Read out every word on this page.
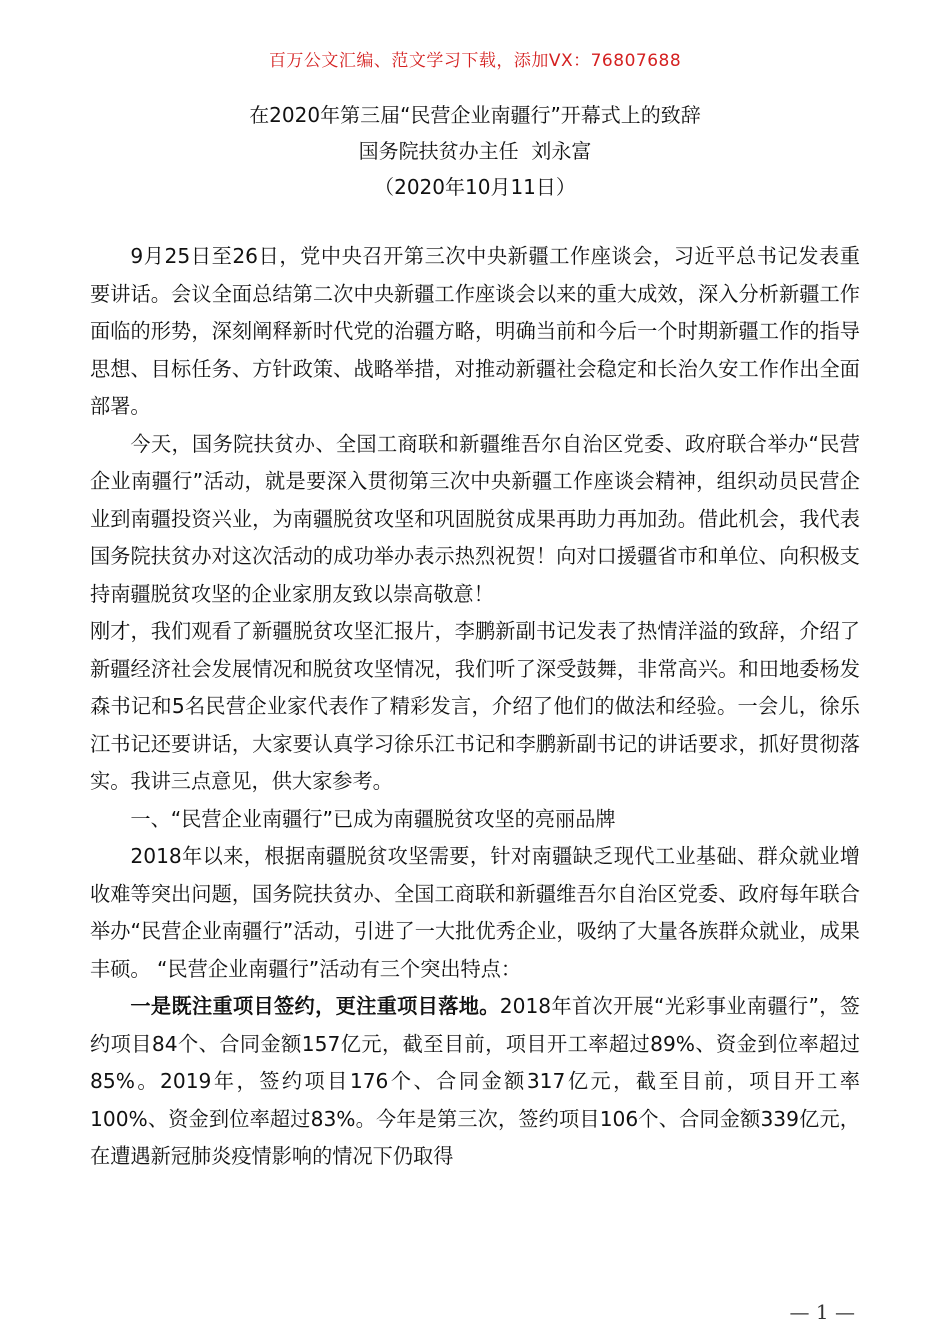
百万公文汇编、范文学习下载，添加VX：76807688
在2020年第三届“民营企业南疆行”开幕式上的致辞
国务院扶贫办主任  刘永富
（2020年10月11日）

9月25日至26日，党中央召开第三次中央新疆工作座谈会，习近平总书记发表重要讲话。会议全面总结第二次中央新疆工作座谈会以来的重大成效，深入分析新疆工作面临的形势，深刻阐释新时代党的治疆方略，明确当前和今后一个时期新疆工作的指导思想、目标任务、方针政策、战略举措，对推动新疆社会稳定和长治久安工作作出全面部署。

今天，国务院扶贫办、全国工商联和新疆维吾尔自治区党委、政府联合举办“民营企业南疆行”活动，就是要深入贯彻第三次中央新疆工作座谈会精神，组织动员民营企业到南疆投资兴业，为南疆脱贫攻坚和巩固脱贫成果再助力再加劲。借此机会，我代表国务院扶贫办对这次活动的成功举办表示热烈祝贺！向对口援疆省市和单位、向积极支持南疆脱贫攻坚的企业家朋友致以崇高敬意！

刚才，我们观看了新疆脱贫攻坚汇报片，李鹏新副书记发表了热情洋溢的致辞，介绍了新疆经济社会发展情况和脱贫攻坚情况，我们听了深受鼓舞，非常高兴。和田地委杨发森书记和5名民营企业家代表作了精彩发言，介绍了他们的做法和经验。一会儿，徐乐江书记还要讲话，大家要认真学习徐乐江书记和李鹏新副书记的讲话要求，抓好贯彻落实。我讲三点意见，供大家参考。

一、“民营企业南疆行”已成为南疆脱贫攻坚的亮丽品牌

2018年以来，根据南疆脱贫攻坚需要，针对南疆缺乏现代工业基础、群众就业增收难等突出问题，国务院扶贫办、全国工商联和新疆维吾尔自治区党委、政府每年联合举办“民营企业南疆行”活动，引进了一大批优秀企业，吸纳了大量各族群众就业，成果丰硕。 “民营企业南疆行”活动有三个突出特点：

一是既注重项目签约，更注重项目落地。2018年首次开展“光彩事业南疆行”，签约项目84个、合同金额157亿元，截至目前，项目开工率超过89%、资金到位率超过85%。2019年，签约项目176个、合同金额317亿元，截至目前，项目开工率100%、资金到位率超过83%。今年是第三次，签约项目106个、合同金额339亿元，在遭遇新冠肺炎疫情影响的情况下仍取得

— 1 —
